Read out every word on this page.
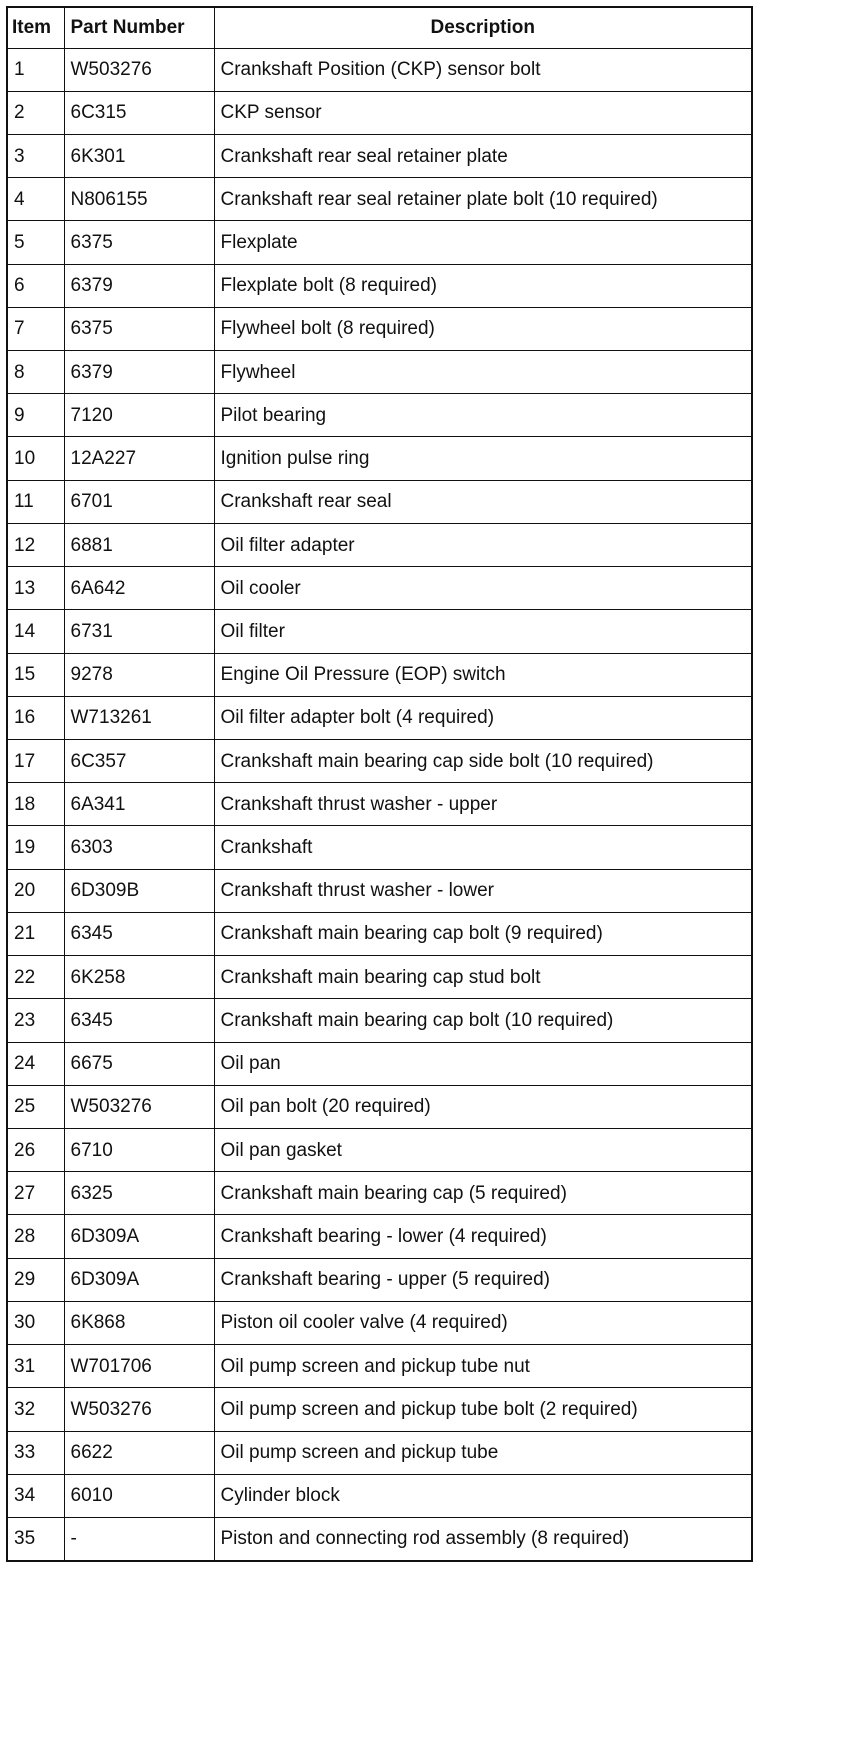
Item	Part Number	Description
1	W503276	Crankshaft Position (CKP) sensor bolt
2	6C315	CKP sensor
3	6K301	Crankshaft rear seal retainer plate
4	N806155	Crankshaft rear seal retainer plate bolt (10 required)
5	6375	Flexplate
6	6379	Flexplate bolt (8 required)
7	6375	Flywheel bolt (8 required)
8	6379	Flywheel
9	7120	Pilot bearing
10	12A227	Ignition pulse ring
11	6701	Crankshaft rear seal
12	6881	Oil filter adapter
13	6A642	Oil cooler
14	6731	Oil filter
15	9278	Engine Oil Pressure (EOP) switch
16	W713261	Oil filter adapter bolt (4 required)
17	6C357	Crankshaft main bearing cap side bolt (10 required)
18	6A341	Crankshaft thrust washer - upper
19	6303	Crankshaft
20	6D309B	Crankshaft thrust washer - lower
21	6345	Crankshaft main bearing cap bolt (9 required)
22	6K258	Crankshaft main bearing cap stud bolt
23	6345	Crankshaft main bearing cap bolt (10 required)
24	6675	Oil pan
25	W503276	Oil pan bolt (20 required)
26	6710	Oil pan gasket
27	6325	Crankshaft main bearing cap (5 required)
28	6D309A	Crankshaft bearing - lower (4 required)
29	6D309A	Crankshaft bearing - upper (5 required)
30	6K868	Piston oil cooler valve (4 required)
31	W701706	Oil pump screen and pickup tube nut
32	W503276	Oil pump screen and pickup tube bolt (2 required)
33	6622	Oil pump screen and pickup tube
34	6010	Cylinder block
35	-	Piston and connecting rod assembly (8 required)
